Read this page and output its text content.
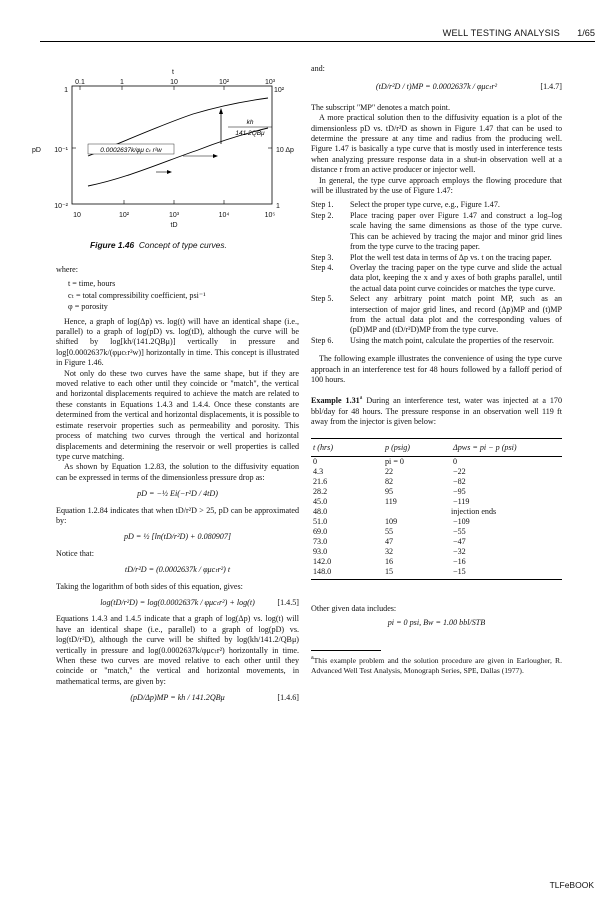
WELL TESTING ANALYSIS 1/65
t
0.1	1	10	10²	10³
10	10²	10³	10⁴	10⁵
tD
1
10⁻¹
10⁻²
pD
10²
10 Δp
1
0.0002637k/φμ cₜ r²w
kh
141.2QBμ
Figure 1.46 Concept of type curves.

where:

t = time, hours
cₜ = total compressibility coefficient, psi⁻¹
φ = porosity

Hence, a graph of log(Δp) vs. log(t) will have an identical shape (i.e., parallel) to a graph of log(pD) vs. log(tD), although the curve will be shifted by log[kh/(141.2QBμ)] vertically in pressure and log[0.0002637k/(φμcₜr²w)] horizontally in time. This concept is illustrated in Figure 1.46.

Not only do these two curves have the same shape, but if they are moved relative to each other until they coincide or "match", the vertical and horizontal displacements required to achieve the match are related to these constants in Equations 1.4.3 and 1.4.4. Once these constants are determined from the vertical and horizontal displacements, it is possible to estimate reservoir properties such as permeability and porosity. This process of matching two curves through the vertical and horizontal displacements and determining the reservoir or well properties is called type curve matching.

As shown by Equation 1.2.83, the solution to the diffusivity equation can be expressed in terms of the dimensionless pressure drop as:

pD = −½ Ei(−r²D / 4tD)

Equation 1.2.84 indicates that when tD/r²D > 25, pD can be approximated by:

pD = ½ [ln(tD/r²D) + 0.080907]

Notice that:

tD/r²D = (0.0002637k / φμcₜr²) t

Taking the logarithm of both sides of this equation, gives:

log(tD/r²D) = log(0.0002637k / φμcₜr²) + log(t)	[1.4.5]

Equations 1.4.3 and 1.4.5 indicate that a graph of log(Δp) vs. log(t) will have an identical shape (i.e., parallel) to a graph of log(pD) vs. log(tD/r²D), although the curve will be shifted by log(kh/141.2/QBμ) vertically in pressure and log(0.0002637k/φμcₜr²) horizontally in time. When these two curves are moved relative to each other until they coincide or "match," the vertical and horizontal movements, in mathematical terms, are given by:

(pD/Δp)MP = kh / 141.2QBμ	[1.4.6]

and:

(tD/r²D / t)MP = 0.0002637k / φμcₜr²	[1.4.7]

The subscript "MP" denotes a match point.

A more practical solution then to the diffusivity equation is a plot of the dimensionless pD vs. tD/r²D as shown in Figure 1.47 that can be used to determine the pressure at any time and radius from the producing well. Figure 1.47 is basically a type curve that is mostly used in interference tests when analyzing pressure response data in a shut-in observation well at a distance r from an active producer or injector well.

In general, the type curve approach employs the flowing procedure that will be illustrated by the use of Figure 1.47:

Step 1.	Select the proper type curve, e.g., Figure 1.47.
Step 2.	Place tracing paper over Figure 1.47 and construct a log–log scale having the same dimensions as those of the type curve. This can be achieved by tracing the major and minor grid lines from the type curve to the tracing paper.
Step 3.	Plot the well test data in terms of Δp vs. t on the tracing paper.
Step 4.	Overlay the tracing paper on the type curve and slide the actual data plot, keeping the x and y axes of both graphs parallel, until the actual data point curve coincides or matches the type curve.
Step 5.	Select any arbitrary point match point MP, such as an intersection of major grid lines, and record (Δp)MP and (t)MP from the actual data plot and the corresponding values of (pD)MP and (tD/r²D)MP from the type curve.
Step 6.	Using the match point, calculate the properties of the reservoir.

The following example illustrates the convenience of using the type curve approach in an interference test for 48 hours followed by a falloff period of 100 hours.

Example 1.31$^a$ During an interference test, water was injected at a 170 bbl/day for 48 hours. The pressure response in an observation well 119 ft away from the injector is given below:

t (hrs)	p (psig)	Δpws = pi − p (psi)
0	pi = 0	0
4.3	22	−22
21.6	82	−82
28.2	95	−95
45.0	119	−119
48.0		injection ends
51.0	109	−109
69.0	55	−55
73.0	47	−47
93.0	32	−32
142.0	16	−16
148.0	15	−15

Other given data includes:

pi = 0 psi, Bw = 1.00 bbl/STB

$^a$This example problem and the solution procedure are given in Earlougher, R. Advanced Well Test Analysis, Monograph Series, SPE, Dallas (1977).

TLFeBOOK
